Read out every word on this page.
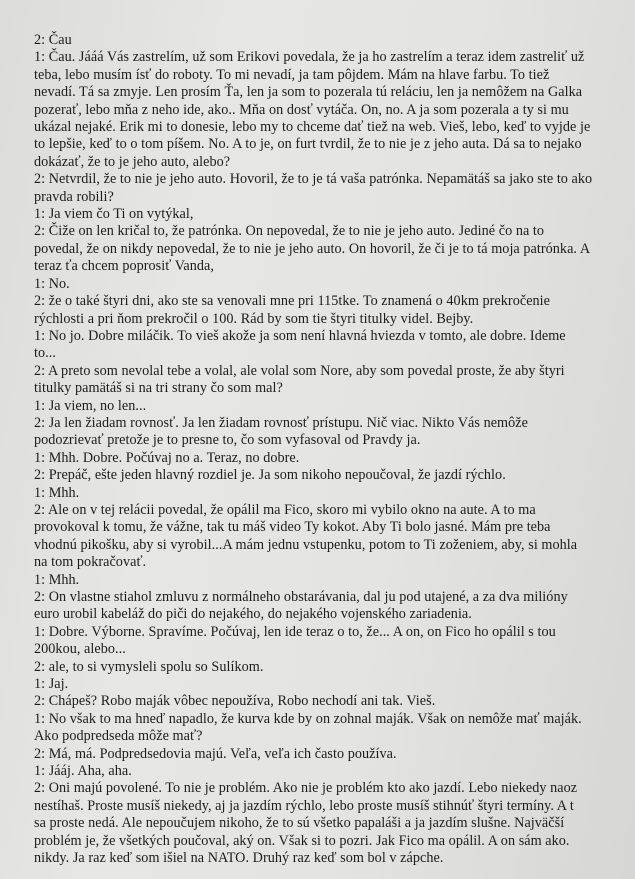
2: Čau
1: Čau. Jááá Vás zastrelím, už som Erikovi povedala, že ja ho zastrelím a teraz idem zastreliť už
teba, lebo musím ísť do roboty. To mi nevadí, ja tam pôjdem. Mám na hlave farbu. To tiež
nevadí. Tá sa zmyje. Len prosím Ťa, len ja som to pozerala tú reláciu, len ja nemôžem na Galka
pozerať, lebo mňa z neho ide, ako.. Mňa on dosť vytáča. On, no. A ja som pozerala a ty si mu
ukázal nejaké. Erik mi to donesie, lebo my to chceme dať tiež na web. Vieš, lebo, keď to vyjde je
to lepšie, keď to o tom píšem. No. A to je, on furt tvrdil, že to nie je z jeho auta. Dá sa to nejako
dokázať, že to je jeho auto, alebo?
2: Netvrdil, že to nie je jeho auto. Hovoril, že to je tá vaša patrónka. Nepamätáš sa jako ste to ako
pravda robili?
1: Ja viem čo Ti on vytýkal,
2: Čiže on len kričal to, že patrónka. On nepovedal, že to nie je jeho auto. Jediné čo na to
povedal, že on nikdy nepovedal, že to nie je jeho auto. On hovoril, že či je to tá moja patrónka. A
teraz ťa chcem poprosiť Vanda,
1: No.
2: že o také štyri dni, ako ste sa venovali mne pri 115tke. To znamená o 40km prekročenie
rýchlosti a pri ňom prekročil o 100. Rád by som tie štyri titulky videl. Bejby.
1: No jo. Dobre miláčik. To vieš akože ja som není hlavná hviezda v tomto, ale dobre. Ideme
to...
2: A preto som nevolal tebe a volal, ale volal som Nore, aby som povedal proste, že aby štyri
titulky pamätáš si na tri strany čo som mal?
1: Ja viem, no len...
2: Ja len žiadam rovnosť. Ja len žiadam rovnosť prístupu. Nič viac. Nikto Vás nemôže
podozrievať pretože je to presne to, čo som vyfasoval od Pravdy ja.
1: Mhh. Dobre. Počúvaj no a. Teraz, no dobre.
2: Prepáč, ešte jeden hlavný rozdiel je. Ja som nikoho nepoučoval, že jazdí rýchlo.
1: Mhh.
2: Ale on v tej relácii povedal, že opálil ma Fico, skoro mi vybilo okno na aute. A to ma
provokoval k tomu, že vážne, tak tu máš video Ty kokot. Aby Ti bolo jasné. Mám pre teba
vhodnú pikošku, aby si vyrobil...A mám jednu vstupenku, potom to Ti zoženiem, aby, si mohla
na tom pokračovať.
1: Mhh.
2: On vlastne stiahol zmluvu z normálneho obstarávania, dal ju pod utajené, a za dva milióny
euro urobil kabeláž do piči do nejakého, do nejakého vojenského zariadenia.
1: Dobre. Výborne. Spravíme. Počúvaj, len ide teraz o to, že... A on, on Fico ho opálil s tou
200kou, alebo...
2: ale, to si vymysleli spolu so Sulíkom.
1: Jaj.
2: Chápeš? Robo maják vôbec nepoužíva, Robo nechodí ani tak. Vieš.
1: No však to ma hneď napadlo, že kurva kde by on zohnal maják. Však on nemôže mať maják.
Ako podpredseda môže mať?
2: Má, má. Podpredsedovia majú. Veľa, veľa ich často používa.
1: Jááj. Aha, aha.
2: Oni majú povolené. To nie je problém. Ako nie je problém kto ako jazdí. Lebo niekedy naoz
nestíhaš. Proste musíš niekedy, aj ja jazdím rýchlo, lebo proste musíš stihnúť štyri termíny. A t
sa proste nedá. Ale nepoučujem nikoho, že to sú všetko papaláši a ja jazdím slušne. Najväčší
problém je, že všetkých poučoval, aký on. Však si to pozri. Jak Fico ma opálil. A on sám ako.
nikdy. Ja raz keď som išiel na NATO. Druhý raz keď som bol v zápche.
